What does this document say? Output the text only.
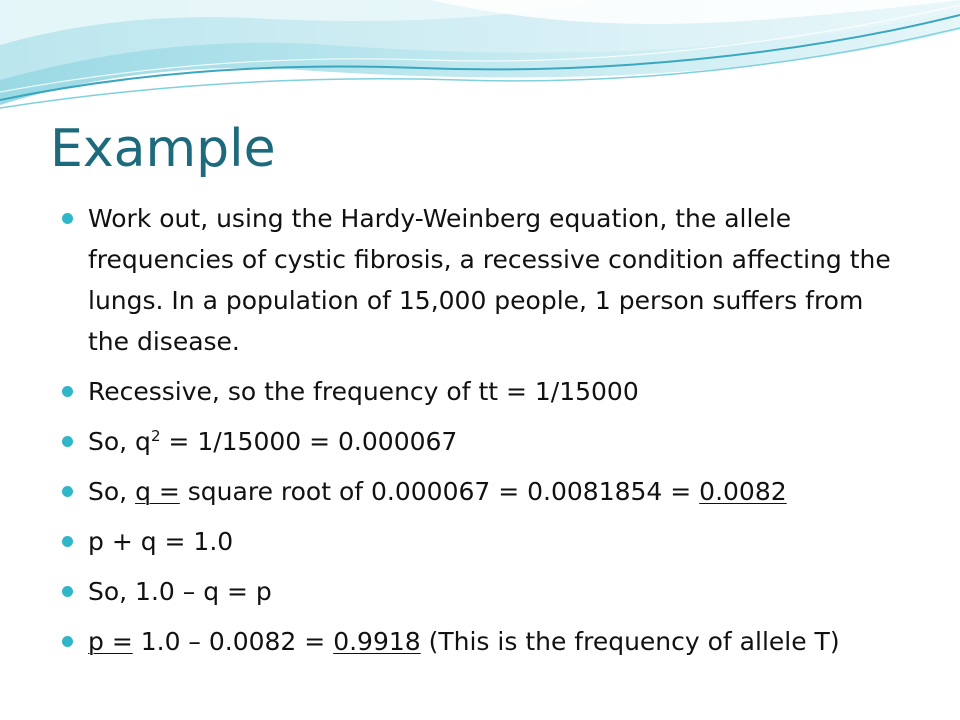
Example
Work out, using the Hardy-Weinberg equation, the allele frequencies of cystic fibrosis, a recessive condition affecting the lungs. In a population of 15,000 people, 1 person suffers from the disease.
Recessive, so the frequency of tt = 1/15000
So, $q^2 = 1/15000 = 0.000067$
So, q = square root of 0.000067 = 0.0081854 = 0.0082
p + q = 1.0
So, 1.0 – q = p
p = 1.0 – 0.0082 = 0.9918 (This is the frequency of allele T)
